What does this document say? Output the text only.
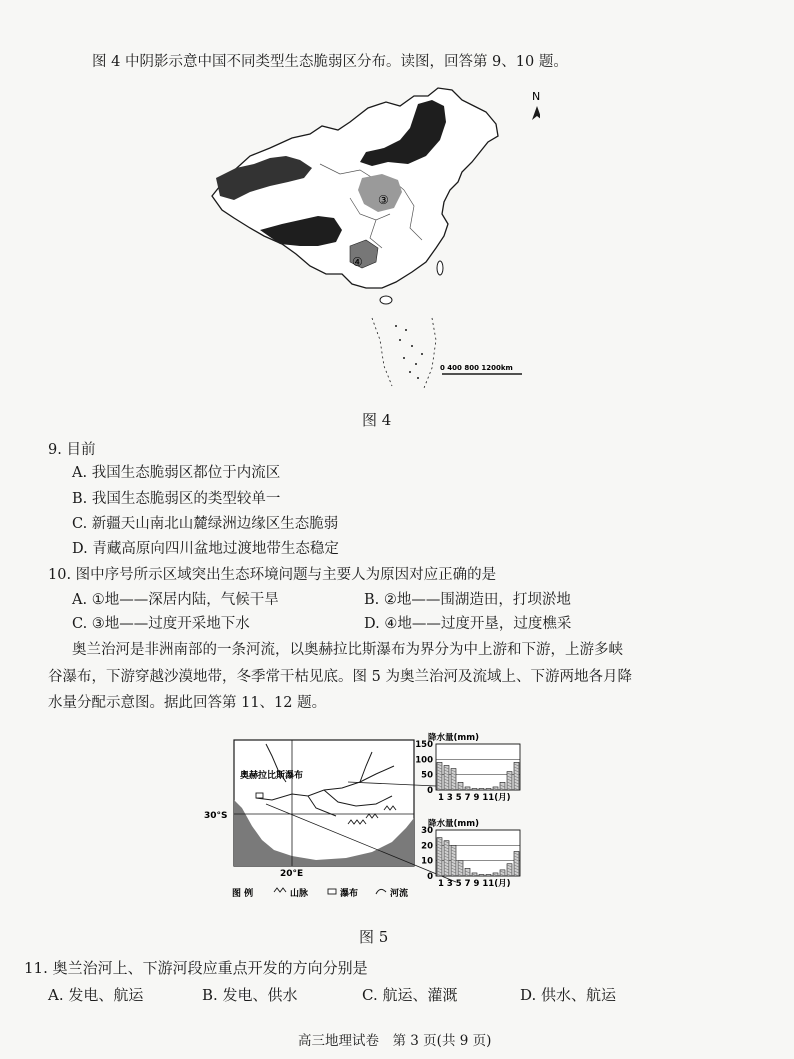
图 4 中阴影示意中国不同类型生态脆弱区分布。读图，回答第 9、10 题。
N
③
④
0 400 800 1200km
图 4
9. 目前
A. 我国生态脆弱区都位于内流区
B. 我国生态脆弱区的类型较单一
C. 新疆天山南北山麓绿洲边缘区生态脆弱
D. 青藏高原向四川盆地过渡地带生态稳定
10. 图中序号所示区域突出生态环境问题与主要人为原因对应正确的是
A. ①地——深居内陆，气候干旱	B. ②地——围湖造田，打坝淤地
C. ③地——过度开采地下水	D. ④地——过度开垦，过度樵采
奥兰治河是非洲南部的一条河流，以奥赫拉比斯瀑布为界分为中上游和下游，上游多峡
谷瀑布，下游穿越沙漠地带，冬季常干枯见底。图 5 为奥兰治河及流域上、下游两地各月降
水量分配示意图。据此回答第 11、12 题。
奥赫拉比斯瀑布
30°S
20°E
图 例	山脉	瀑布	河流
降水量(mm)
0
50
100
150
1 3 5 7 9 11(月)
降水量(mm)
0
10
20
30
1 3 5 7 9 11(月)
图 5
11. 奥兰治河上、下游河段应重点开发的方向分别是
A. 发电、航运	B. 发电、供水	C. 航运、灌溉	D. 供水、航运
高三地理试卷　第 3 页(共 9 页)
